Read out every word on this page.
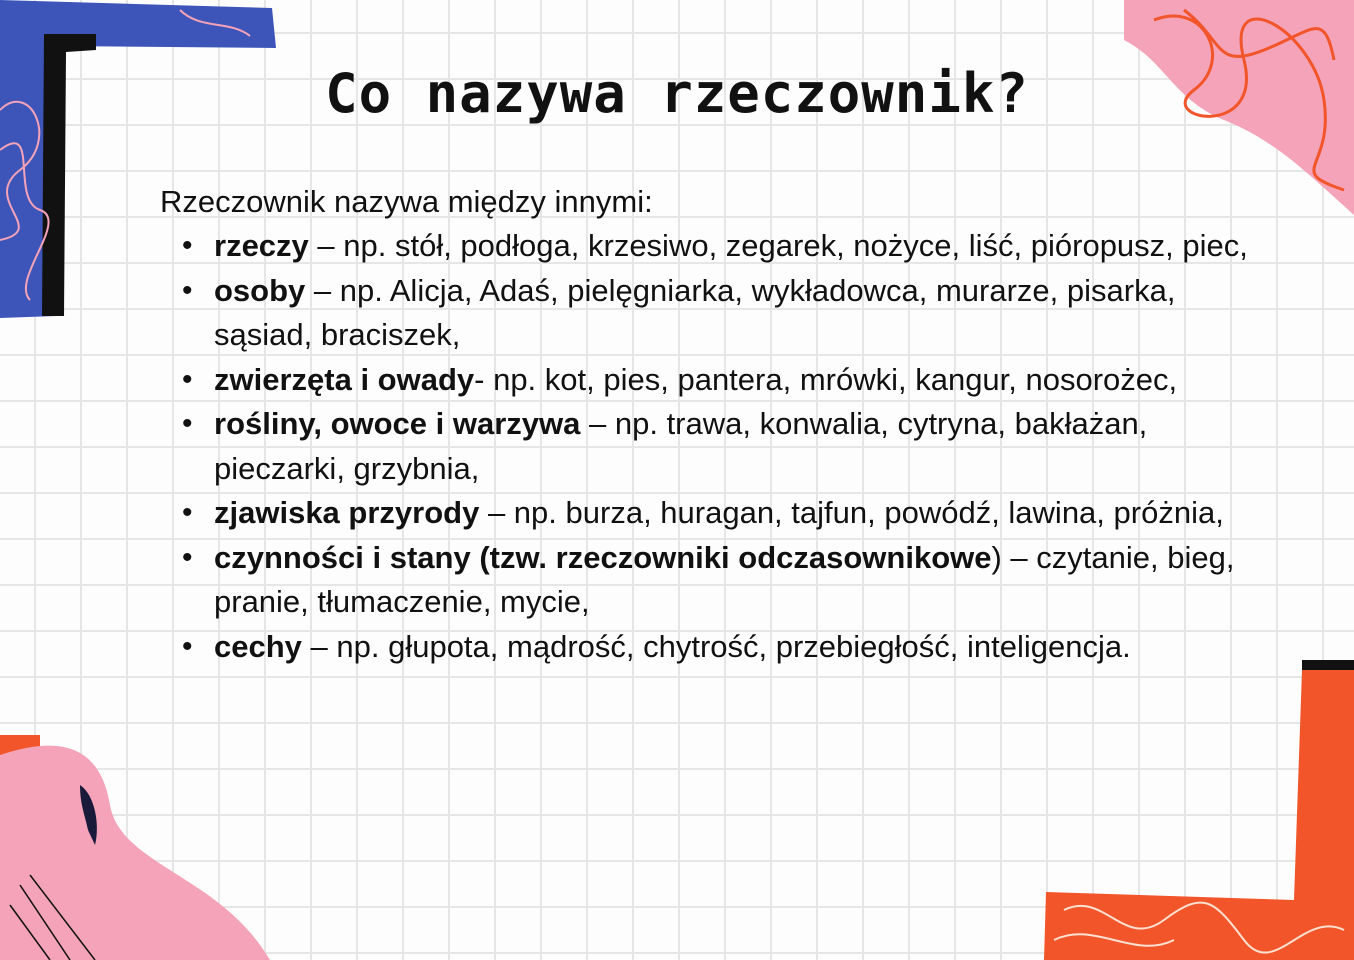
Co nazywa rzeczownik?

Rzeczownik nazywa między innymi:

• rzeczy – np. stół, podłoga, krzesiwo, zegarek, nożyce, liść, pióropusz, piec,
• osoby – np. Alicja, Adaś, pielęgniarka, wykładowca, murarze, pisarka, sąsiad, braciszek,
• zwierzęta i owady- np. kot, pies, pantera, mrówki, kangur, nosorożec,
• rośliny, owoce i warzywa – np. trawa, konwalia, cytryna, bakłażan, pieczarki, grzybnia,
• zjawiska przyrody – np. burza, huragan, tajfun, powódź, lawina, próżnia,
• czynności i stany (tzw. rzeczowniki odczasownikowe) – czytanie, bieg, pranie, tłumaczenie, mycie,
• cechy – np. głupota, mądrość, chytrość, przebiegłość, inteligencja.
